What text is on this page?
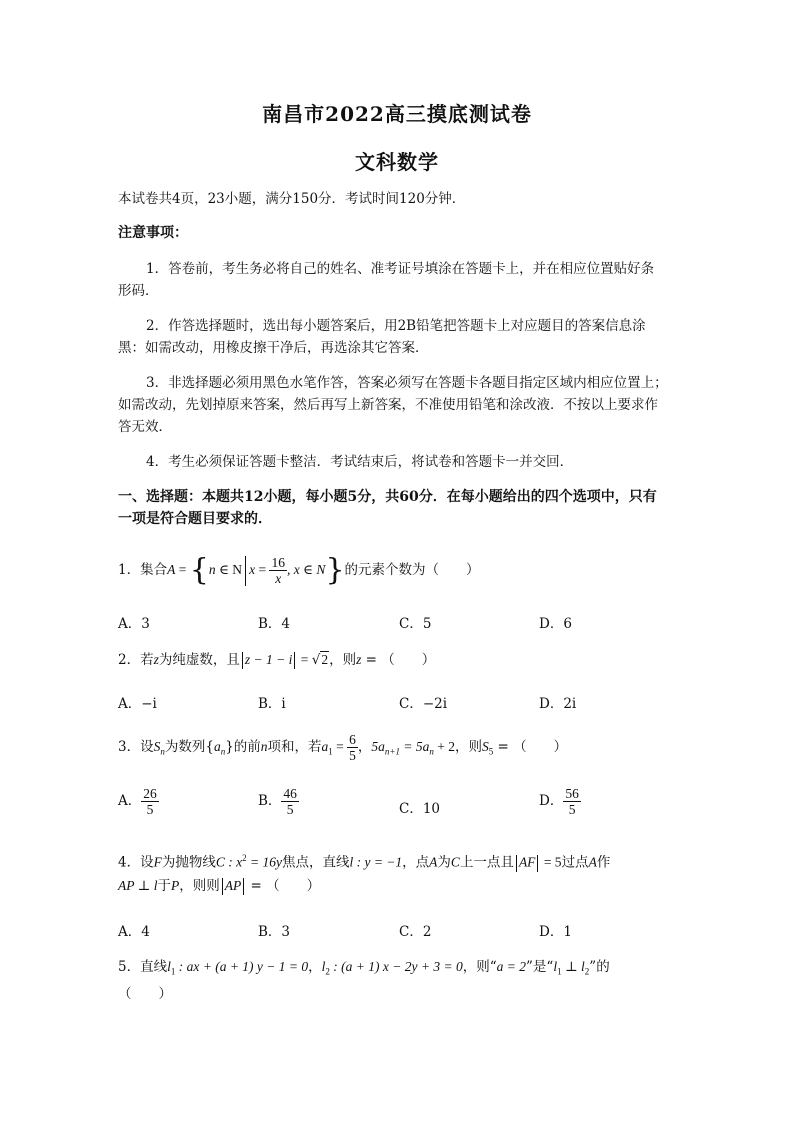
南昌市2022高三摸底测试卷
文科数学
本试卷共4页，23小题，满分150分．考试时间120分钟．
注意事项：
1．答卷前，考生务必将自己的姓名、准考证号填涂在答题卡上，并在相应位置贴好条
形码．
2．作答选择题时，选出每小题答案后，用2B铅笔把答题卡上对应题目的答案信息涂
黑：如需改动，用橡皮擦干净后，再选涂其它答案．
3．非选择题必须用黑色水笔作答，答案必须写在答题卡各题目指定区域内相应位置上；
如需改动，先划掉原来答案，然后再写上新答案，不准使用铅笔和涂改液．不按以上要求作
答无效．
4．考生必须保证答题卡整洁．考试结束后，将试卷和答题卡一并交回．
一、选择题：本题共12小题，每小题5分，共60分．在每小题给出的四个选项中，只有
一项是符合题目要求的．
1．集合A = {n ∈ N $x = \frac{16}{x}$ , x ∈ N}的元素个数为（　　）
A．3	B．4	C．5	D．6
2．若z为纯虚数，且 z − 1 − i = √2，则z = （　　）
A．−i	B．i	C．−2i	D．2i
3．设$S_n$为数列$\{a_n\}$的前n项和，若$a_1 = \frac{6}{5}$ ，$5a_{n+1} = 5a_n + 2$，则$S_5$ = （　　）
A． $\frac{26}{5}$	B． $\frac{46}{5}$	C．10	D． $\frac{56}{5}$
4．设F为抛物线C : $x^2 = 16y$焦点，直线l : y = −1，点A为C上一点且 AF = 5过点A作
AP ⊥ l于P，则则 AP = （　　）
A．4	B．3	C．2	D．1
5．直线$l_1$ : ax + (a + 1) y − 1 = 0，$l_2$ : (a + 1) x − 2y + 3 = 0，则“a = 2”是“$l_1$ ⊥ $l_2$”的
（　　）
